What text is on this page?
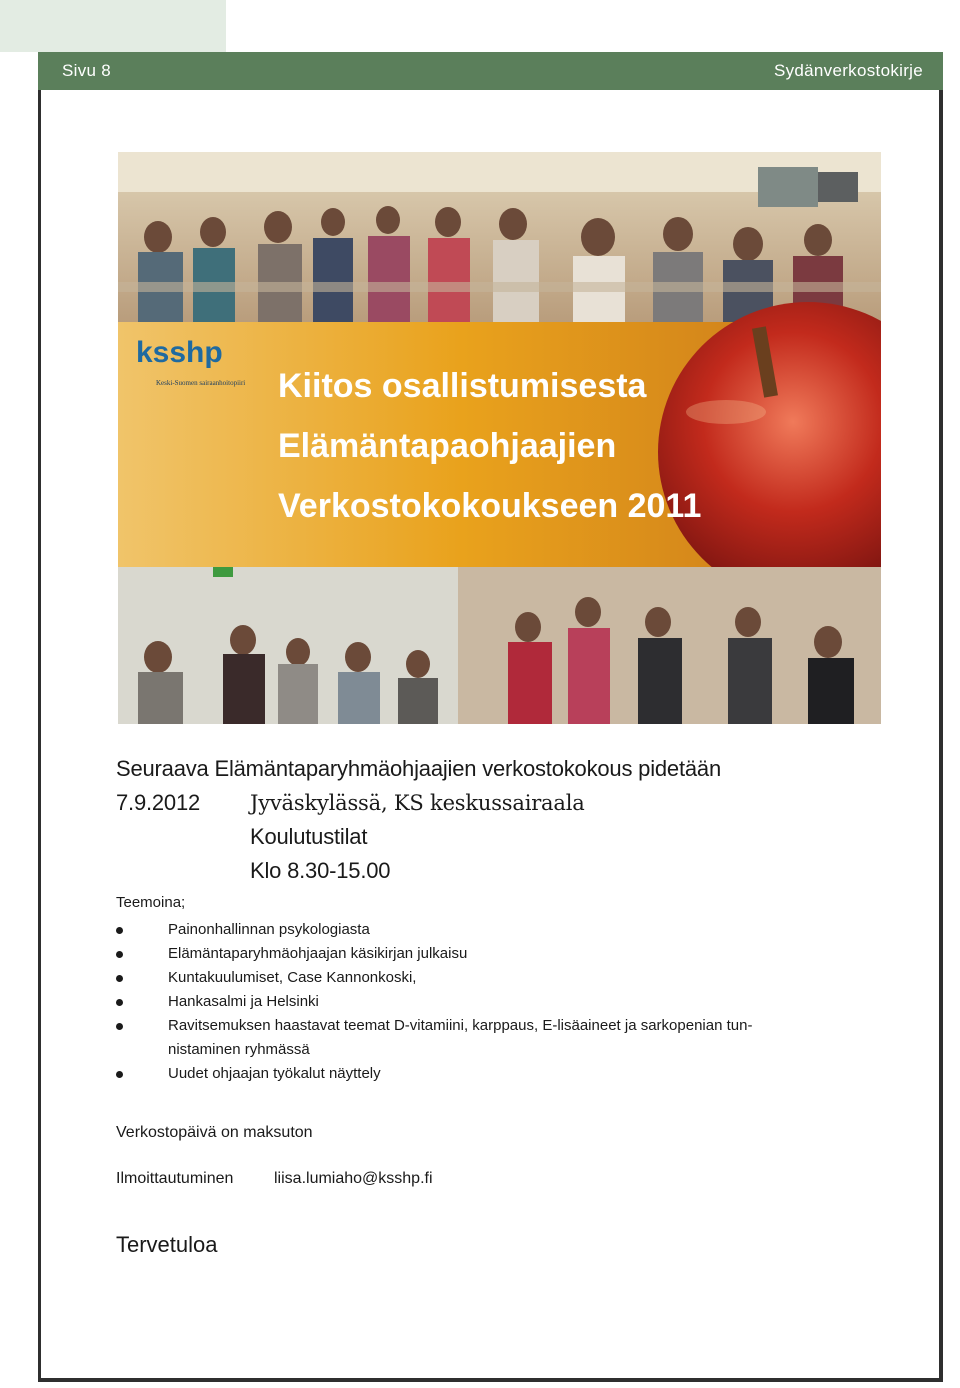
Sivu 8	Sydänverkostokirje
ksshp
Keski-Suomen sairaanhoitopiiri Kiitos osallistumisesta
Elämäntapaohjaajien
Verkostokokoukseen 2011
Seuraava Elämäntaparyhmäohjaajien verkostokokous pidetään
7.9.2012	Jyväskylässä, KS keskussairaala
Koulutustilat
Klo 8.30-15.00
Teemoina;
Painonhallinnan psykologiasta
Elämäntaparyhmäohjaajan käsikirjan julkaisu
Kuntakuulumiset, Case Kannonkoski,
Hankasalmi ja Helsinki
Ravitsemuksen haastavat teemat D-vitamiini, karppaus, E-lisäaineet ja sarkopenian tun-
nistaminen ryhmässä
Uudet ohjaajan työkalut näyttely
Verkostopäivä on maksuton
Ilmoittautuminen	liisa.lumiaho@ksshp.fi
Tervetuloa
